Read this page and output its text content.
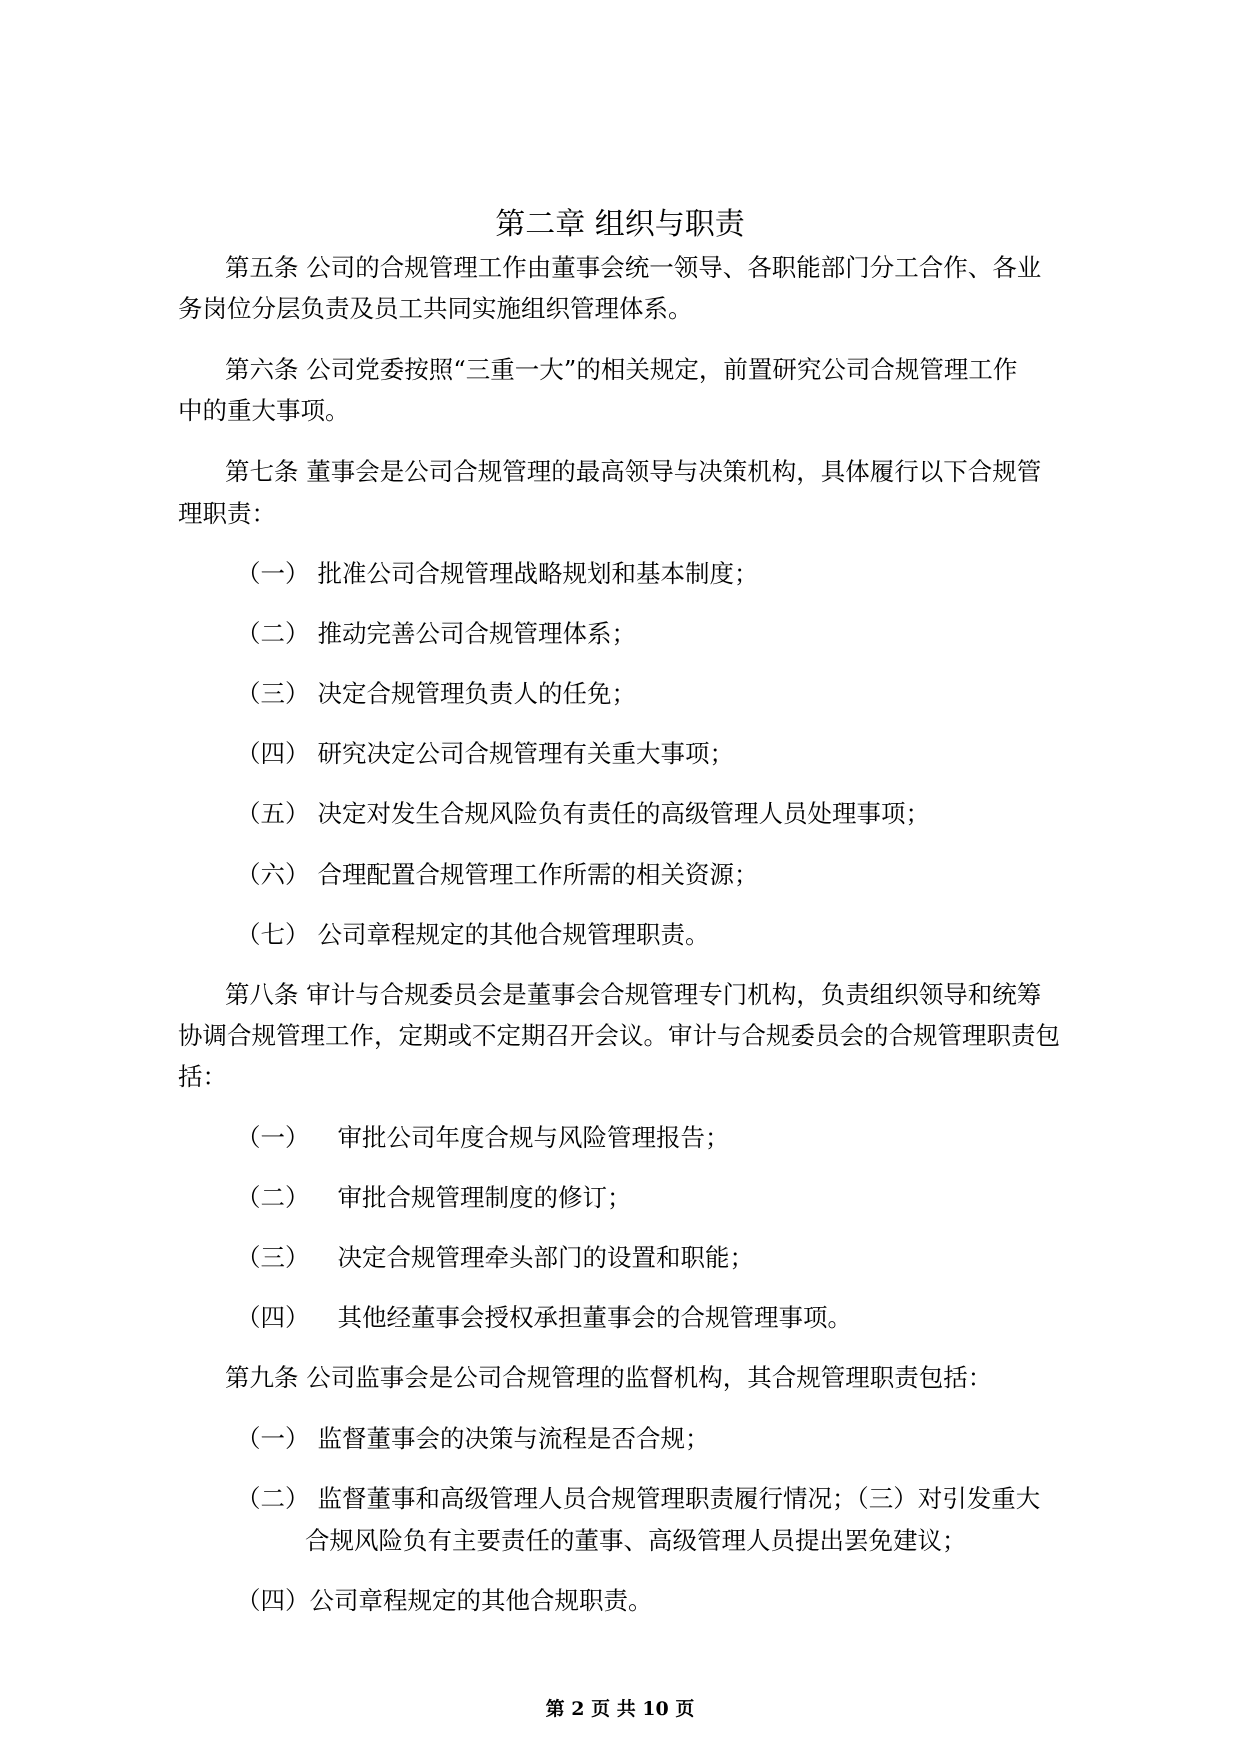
第二章 组织与职责
第五条 公司的合规管理工作由董事会统一领导、各职能部门分工合作、各业
务岗位分层负责及员工共同实施组织管理体系。
第六条 公司党委按照“三重一大”的相关规定，前置研究公司合规管理工作
中的重大事项。
第七条 董事会是公司合规管理的最高领导与决策机构，具体履行以下合规管
理职责：
（一） 批准公司合规管理战略规划和基本制度；
（二） 推动完善公司合规管理体系；
（三） 决定合规管理负责人的任免；
（四） 研究决定公司合规管理有关重大事项；
（五） 决定对发生合规风险负有责任的高级管理人员处理事项；
（六） 合理配置合规管理工作所需的相关资源；
（七） 公司章程规定的其他合规管理职责。
第八条 审计与合规委员会是董事会合规管理专门机构，负责组织领导和统筹
协调合规管理工作，定期或不定期召开会议。审计与合规委员会的合规管理职责包
括：
（一） 审批公司年度合规与风险管理报告；
（二） 审批合规管理制度的修订；
（三） 决定合规管理牵头部门的设置和职能；
（四） 其他经董事会授权承担董事会的合规管理事项。
第九条 公司监事会是公司合规管理的监督机构，其合规管理职责包括：
（一） 监督董事会的决策与流程是否合规；
（二） 监督董事和高级管理人员合规管理职责履行情况；（三）对引发重大
合规风险负有主要责任的董事、高级管理人员提出罢免建议；
（四）公司章程规定的其他合规职责。
第 2 页 共 10 页
